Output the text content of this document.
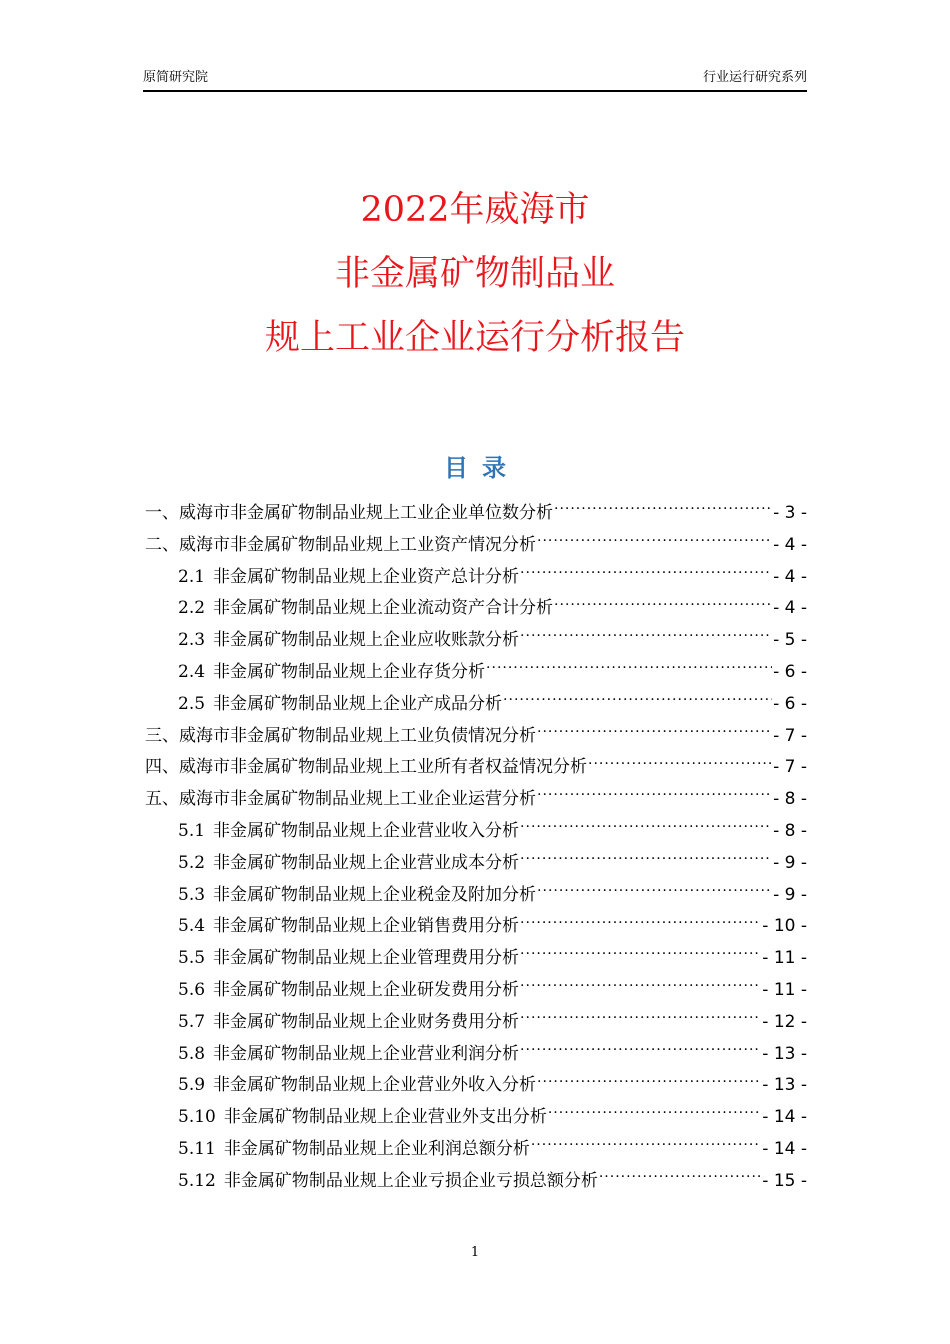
原简研究院	行业运行研究系列
2022年威海市
非金属矿物制品业
规上工业企业运行分析报告
目录
一、威海市非金属矿物制品业规上工业企业单位数分析 .....	- 3 -
二、威海市非金属矿物制品业规上工业资产情况分析 .....	- 4 -
2.1 非金属矿物制品业规上企业资产总计分析 .....	- 4 -
2.2 非金属矿物制品业规上企业流动资产合计分析 .....	- 4 -
2.3 非金属矿物制品业规上企业应收账款分析 .....	- 5 -
2.4 非金属矿物制品业规上企业存货分析 .....	- 6 -
2.5 非金属矿物制品业规上企业产成品分析 .....	- 6 -
三、威海市非金属矿物制品业规上工业负债情况分析 .....	- 7 -
四、威海市非金属矿物制品业规上工业所有者权益情况分析 .....	- 7 -
五、威海市非金属矿物制品业规上工业企业运营分析 .....	- 8 -
5.1 非金属矿物制品业规上企业营业收入分析 .....	- 8 -
5.2 非金属矿物制品业规上企业营业成本分析 .....	- 9 -
5.3 非金属矿物制品业规上企业税金及附加分析 .....	- 9 -
5.4 非金属矿物制品业规上企业销售费用分析 .....	- 10 -
5.5 非金属矿物制品业规上企业管理费用分析 .....	- 11 -
5.6 非金属矿物制品业规上企业研发费用分析 .....	- 11 -
5.7 非金属矿物制品业规上企业财务费用分析 .....	- 12 -
5.8 非金属矿物制品业规上企业营业利润分析 .....	- 13 -
5.9 非金属矿物制品业规上企业营业外收入分析 .....	- 13 -
5.10 非金属矿物制品业规上企业营业外支出分析 .....	- 14 -
5.11 非金属矿物制品业规上企业利润总额分析 .....	- 14 -
5.12 非金属矿物制品业规上企业亏损企业亏损总额分析 .....	- 15 -
1
